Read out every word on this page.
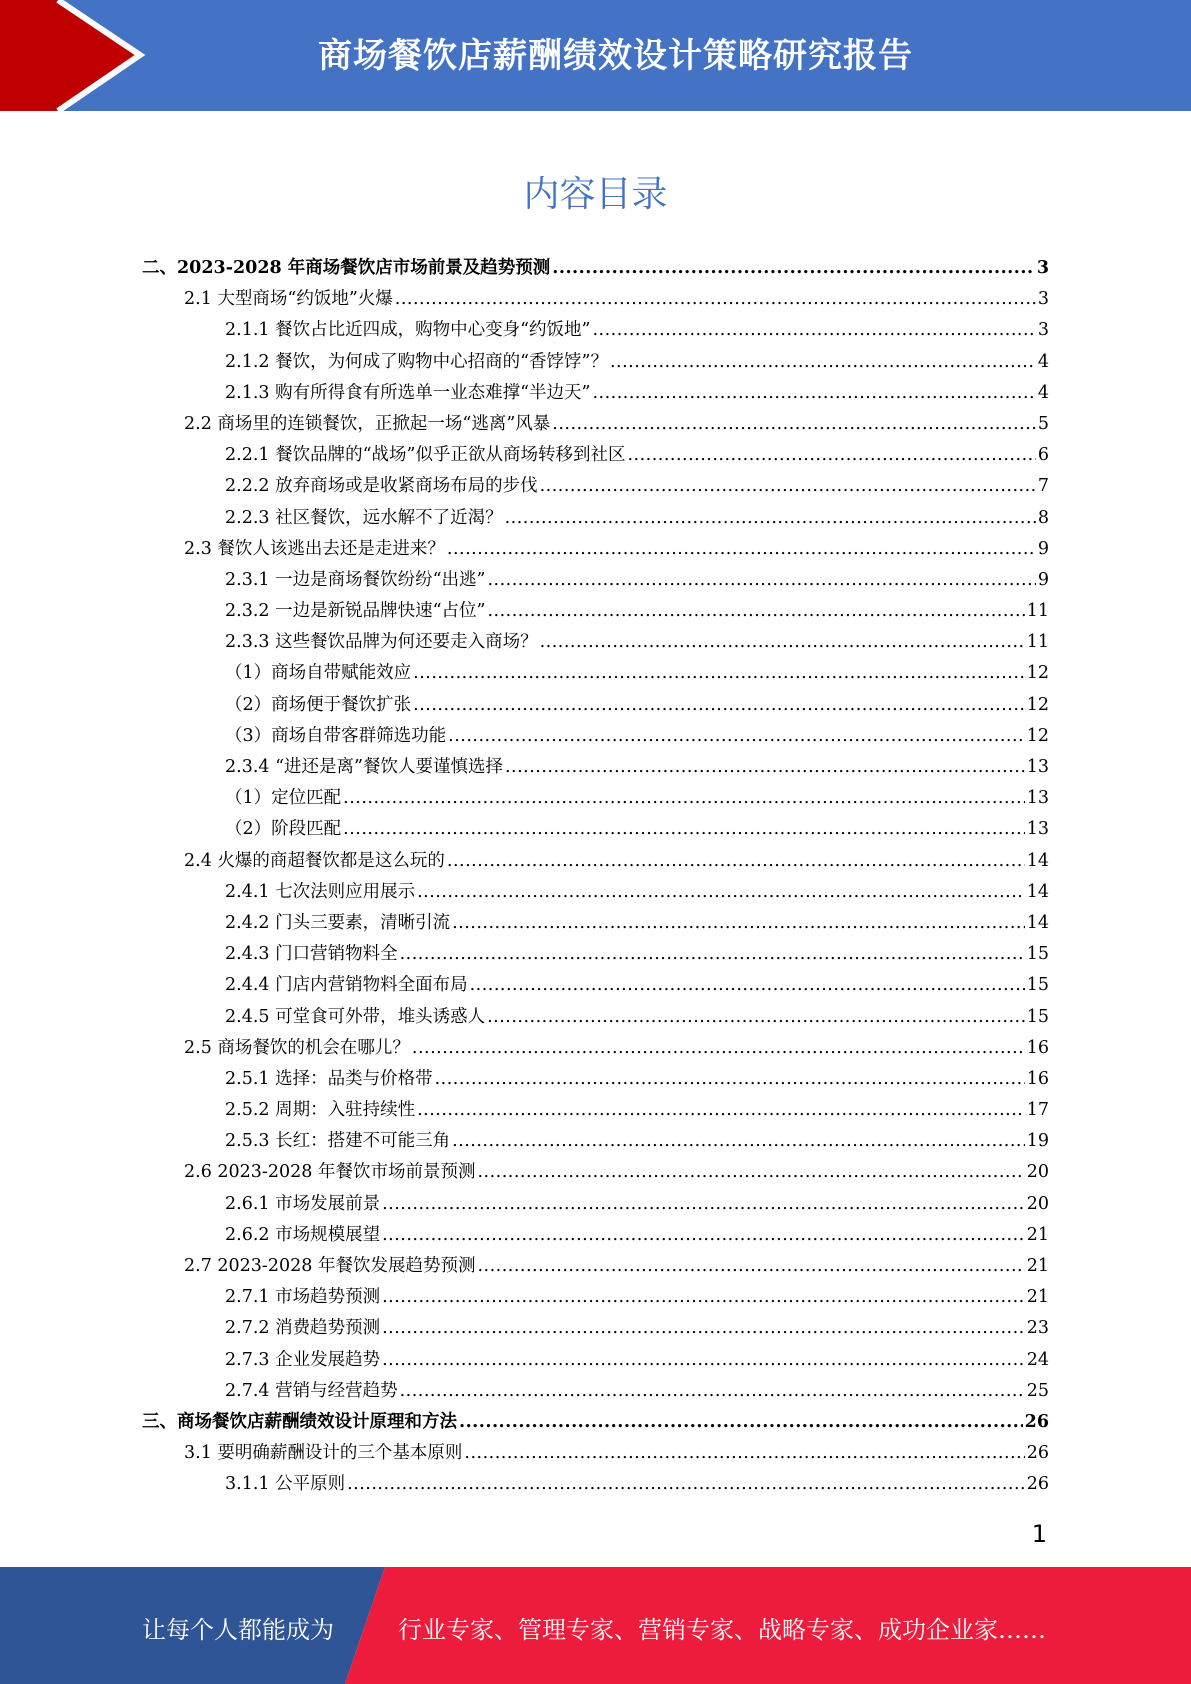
商场餐饮店薪酬绩效设计策略研究报告
内容目录
二、2023-2028 年商场餐饮店市场前景及趋势预测 .....	3
2.1 大型商场“约饭地”火爆 .....	3
2.1.1 餐饮占比近四成，购物中心变身“约饭地” .....	3
2.1.2 餐饮，为何成了购物中心招商的“香饽饽”？ .....	4
2.1.3 购有所得食有所选单一业态难撑“半边天” .....	4
2.2 商场里的连锁餐饮，正掀起一场“逃离”风暴 .....	5
2.2.1 餐饮品牌的“战场”似乎正欲从商场转移到社区 .....	6
2.2.2 放弃商场或是收紧商场布局的步伐 .....	7
2.2.3 社区餐饮，远水解不了近渴？ .....	8
2.3 餐饮人该逃出去还是走进来？ .....	9
2.3.1 一边是商场餐饮纷纷“出逃” .....	9
2.3.2 一边是新锐品牌快速“占位” .....	11
2.3.3 这些餐饮品牌为何还要走入商场？ .....	11
（1）商场自带赋能效应 .....	12
（2）商场便于餐饮扩张 .....	12
（3）商场自带客群筛选功能 .....	12
2.3.4 “进还是离”餐饮人要谨慎选择 .....	13
（1）定位匹配 .....	13
（2）阶段匹配 .....	13
2.4 火爆的商超餐饮都是这么玩的 .....	14
2.4.1 七次法则应用展示 .....	14
2.4.2 门头三要素，清晰引流 .....	14
2.4.3 门口营销物料全 .....	15
2.4.4 门店内营销物料全面布局 .....	15
2.4.5 可堂食可外带，堆头诱惑人 .....	15
2.5 商场餐饮的机会在哪儿？ .....	16
2.5.1 选择：品类与价格带 .....	16
2.5.2 周期：入驻持续性 .....	17
2.5.3 长红：搭建不可能三角 .....	19
2.6 2023-2028 年餐饮市场前景预测 .....	20
2.6.1 市场发展前景 .....	20
2.6.2 市场规模展望 .....	21
2.7 2023-2028 年餐饮发展趋势预测 .....	21
2.7.1 市场趋势预测 .....	21
2.7.2 消费趋势预测 .....	23
2.7.3 企业发展趋势 .....	24
2.7.4 营销与经营趋势 .....	25
三、商场餐饮店薪酬绩效设计原理和方法 .....	26
3.1 要明确薪酬设计的三个基本原则 .....	26
3.1.1 公平原则 .....	26
1
让每个人都能成为	行业专家、管理专家、营销专家、战略专家、成功企业家……
